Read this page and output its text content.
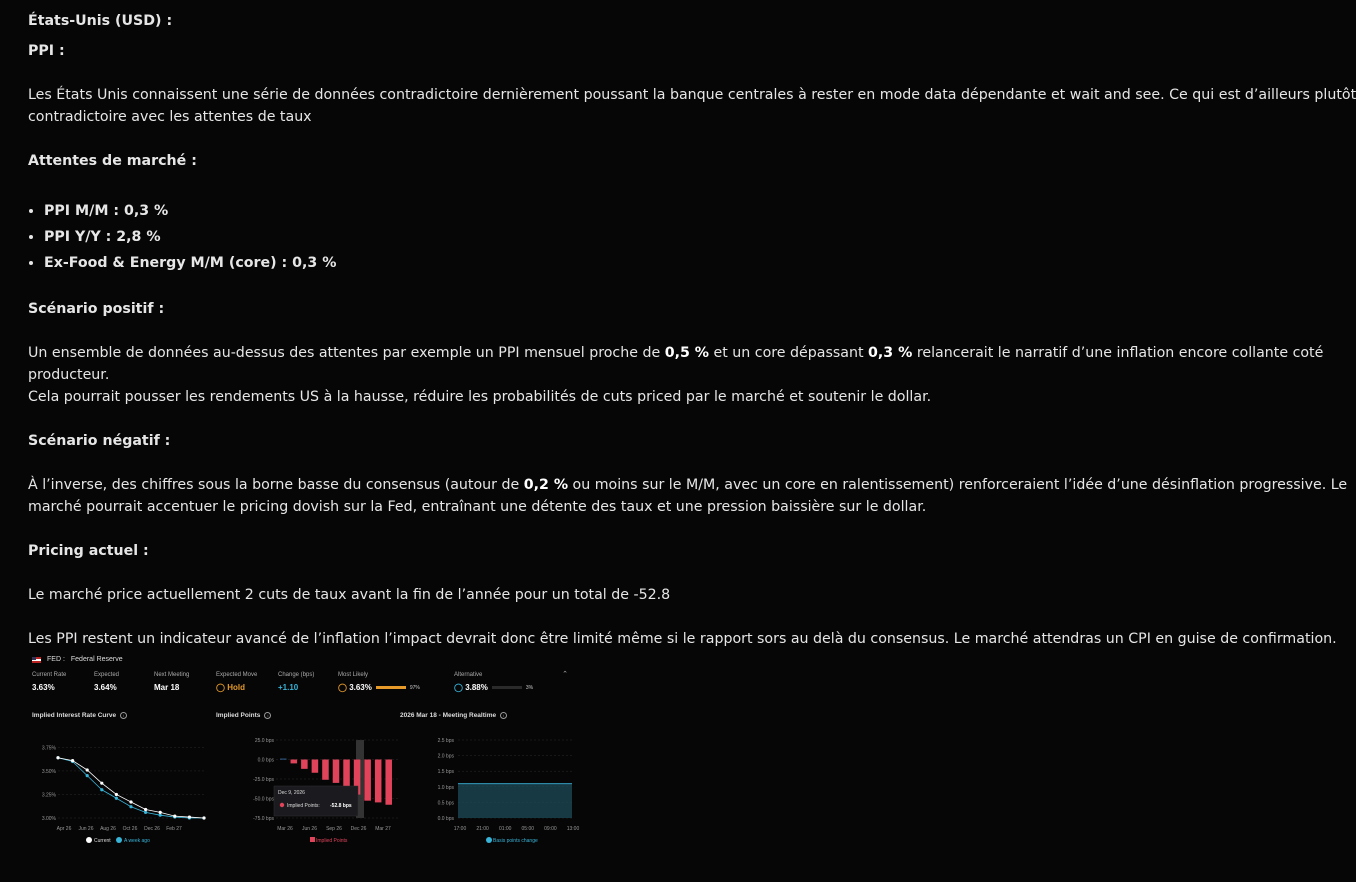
États-Unis (USD) :
PPI :
Les États Unis connaissent une série de données contradictoire dernièrement poussant la banque centrales à rester en mode data dépendante et wait and see. Ce qui est d’ailleurs plutôt
contradictoire avec les attentes de taux
Attentes de marché :
• PPI M/M : 0,3 %
• PPI Y/Y : 2,8 %
• Ex-Food & Energy M/M (core) : 0,3 %
Scénario positif :
Un ensemble de données au-dessus des attentes par exemple un PPI mensuel proche de 0,5 % et un core dépassant 0,3 % relancerait le narratif d’une inflation encore collante coté
producteur.
Cela pourrait pousser les rendements US à la hausse, réduire les probabilités de cuts priced par le marché et soutenir le dollar.
Scénario négatif :
À l’inverse, des chiffres sous la borne basse du consensus (autour de 0,2 % ou moins sur le M/M, avec un core en ralentissement) renforceraient l’idée d’une désinflation progressive. Le
marché pourrait accentuer le pricing dovish sur la Fed, entraînant une détente des taux et une pression baissière sur le dollar.
Pricing actuel :
Le marché price actuellement 2 cuts de taux avant la fin de l’année pour un total de -52.8
Les PPI restent un indicateur avancé de l’inflation l’impact devrait donc être limité même si le rapport sors au delà du consensus. Le marché attendras un CPI en guise de confirmation.
FED : Federal Reserve
⌃
Current Rate
3.63%
Expected
3.64%
Next Meeting
Mar 18
Expected Move
◯ Hold
Change (bps)
+1.10
Most Likely
◯ 3.63%	97%
Alternative
◯ 3.88%	3%
Implied Interest Rate Curve i	Implied Points i	2026 Mar 18 - Meeting Realtime i
3.75%
3.50%
3.25%
3.00%
Apr 26 Jun 26 Aug 26 Oct 26 Dec 26 Feb 27
Current	A week ago
25.0 bps
0.0 bps
-25.0 bps
-50.0 bps
-75.0 bps
Mar 26 Jun 26 Sep 26 Dec 26 Mar 27
Dec 9, 2026
Implied Points: -52.8 bps
Implied Points
2.5 bps
2.0 bps
1.5 bps
1.0 bps
0.5 bps
0.0 bps
17:00 21:00 01:00 05:00 09:00 13:00
Basis points change
